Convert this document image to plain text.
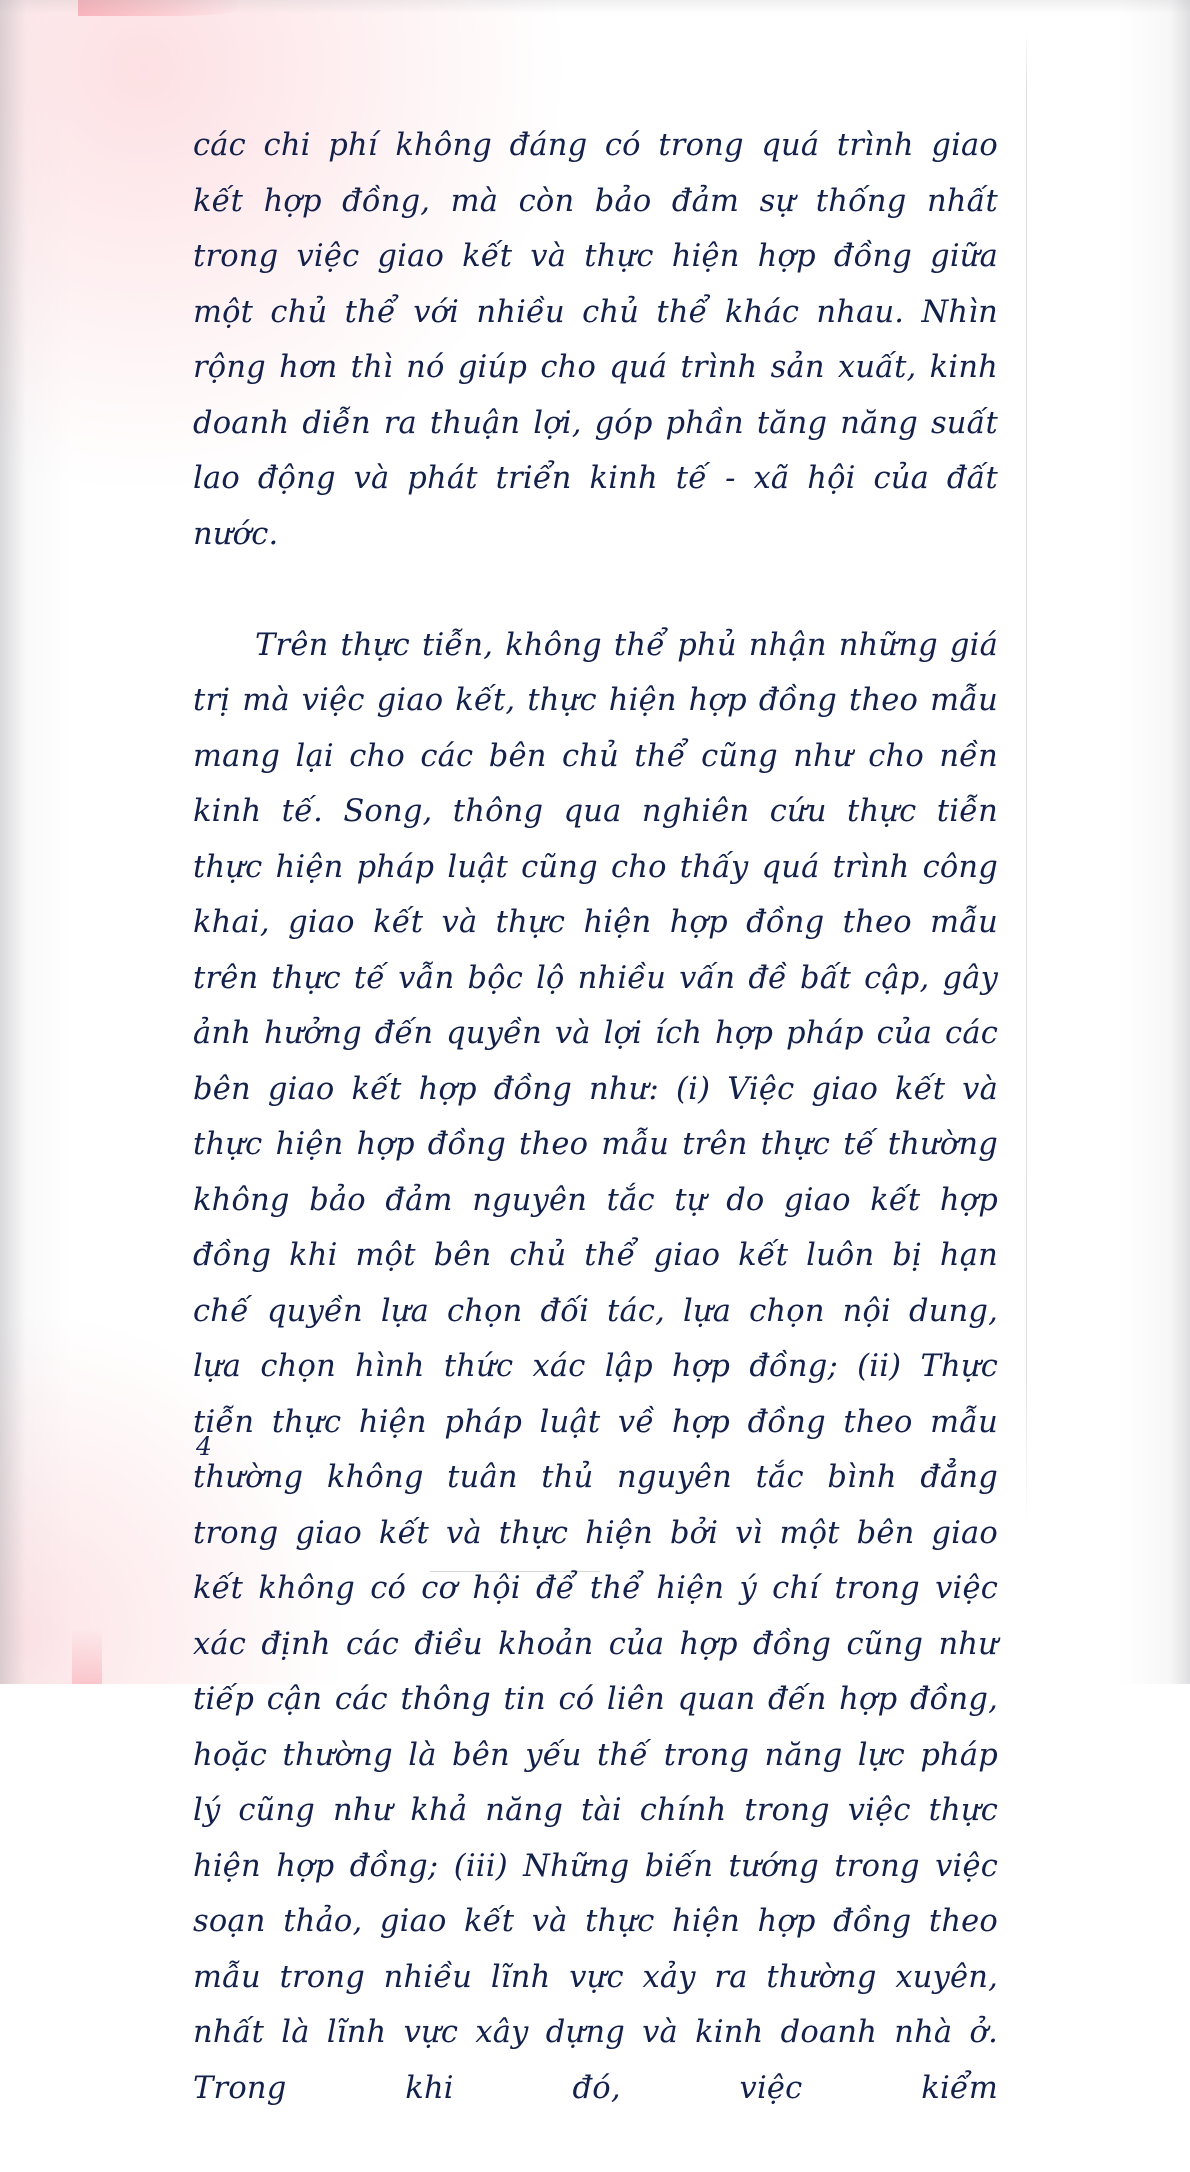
các chi phí không đáng có trong quá trình giao kết hợp đồng, mà còn bảo đảm sự thống nhất trong việc giao kết và thực hiện hợp đồng giữa một chủ thể với nhiều chủ thể khác nhau. Nhìn rộng hơn thì nó giúp cho quá trình sản xuất, kinh doanh diễn ra thuận lợi, góp phần tăng năng suất lao động và phát triển kinh tế - xã hội của đất nước.

Trên thực tiễn, không thể phủ nhận những giá trị mà việc giao kết, thực hiện hợp đồng theo mẫu mang lại cho các bên chủ thể cũng như cho nền kinh tế. Song, thông qua nghiên cứu thực tiễn thực hiện pháp luật cũng cho thấy quá trình công khai, giao kết và thực hiện hợp đồng theo mẫu trên thực tế vẫn bộc lộ nhiều vấn đề bất cập, gây ảnh hưởng đến quyền và lợi ích hợp pháp của các bên giao kết hợp đồng như: (i) Việc giao kết và thực hiện hợp đồng theo mẫu trên thực tế thường không bảo đảm nguyên tắc tự do giao kết hợp đồng khi một bên chủ thể giao kết luôn bị hạn chế quyền lựa chọn đối tác, lựa chọn nội dung, lựa chọn hình thức xác lập hợp đồng; (ii) Thực tiễn thực hiện pháp luật về hợp đồng theo mẫu thường không tuân thủ nguyên tắc bình đẳng trong giao kết và thực hiện bởi vì một bên giao kết không có cơ hội để thể hiện ý chí trong việc xác định các điều khoản của hợp đồng cũng như tiếp cận các thông tin có liên quan đến hợp đồng, hoặc thường là bên yếu thế trong năng lực pháp lý cũng như khả năng tài chính trong việc thực hiện hợp đồng; (iii) Những biến tướng trong việc soạn thảo, giao kết và thực hiện hợp đồng theo mẫu trong nhiều lĩnh vực xảy ra thường xuyên, nhất là lĩnh vực xây dựng và kinh doanh nhà ở. Trong khi đó, việc kiểm

4
